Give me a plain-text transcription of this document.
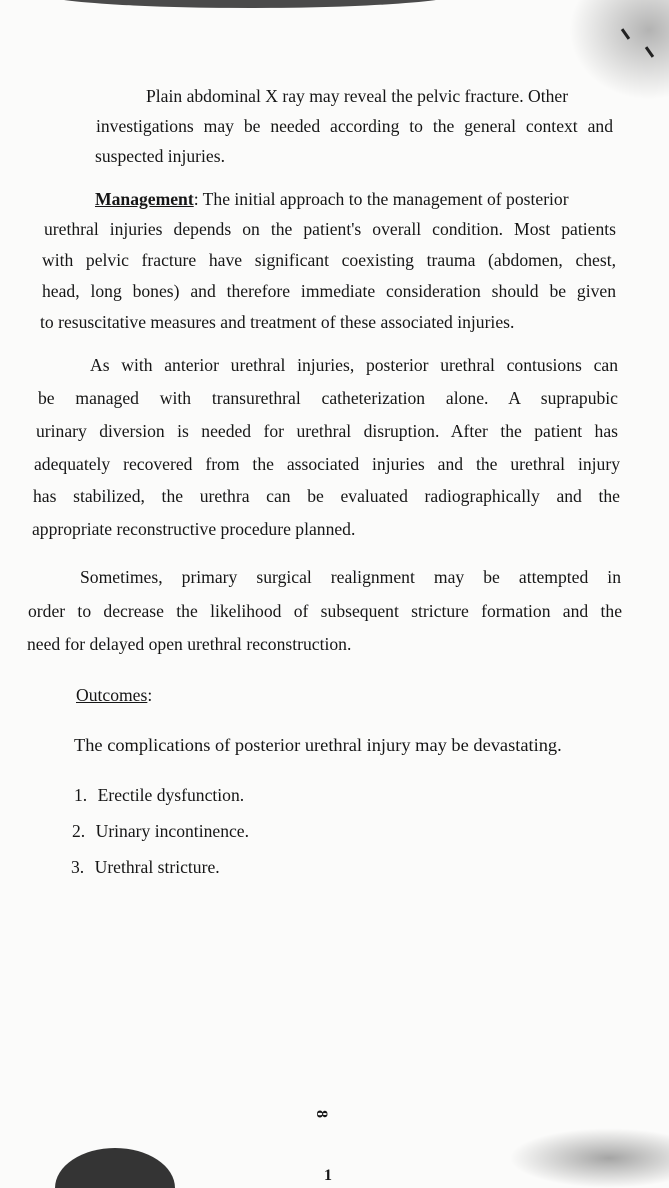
Plain abdominal X ray may reveal the pelvic fracture. Other

investigations may be needed according to the general context and

suspected injuries.

Management: The initial approach to the management of posterior

urethral injuries depends on the patient's overall condition. Most patients

with pelvic fracture have significant coexisting trauma (abdomen, chest,

head, long bones) and therefore immediate consideration should be given

to resuscitative measures and treatment of these associated injuries.

As with anterior urethral injuries, posterior urethral contusions can

be managed with transurethral catheterization alone. A suprapubic

urinary diversion is needed for urethral disruption. After the patient has

adequately recovered from the associated injuries and the urethral injury

has stabilized, the urethra can be evaluated radiographically and the

appropriate reconstructive procedure planned.

Sometimes, primary surgical realignment may be attempted in

order to decrease the likelihood of subsequent stricture formation and the

need for delayed open urethral reconstruction.

Outcomes:

The complications of posterior urethral injury may be devastating.

1. Erectile dysfunction.

2. Urinary incontinence.

3. Urethral stricture.

8
1
